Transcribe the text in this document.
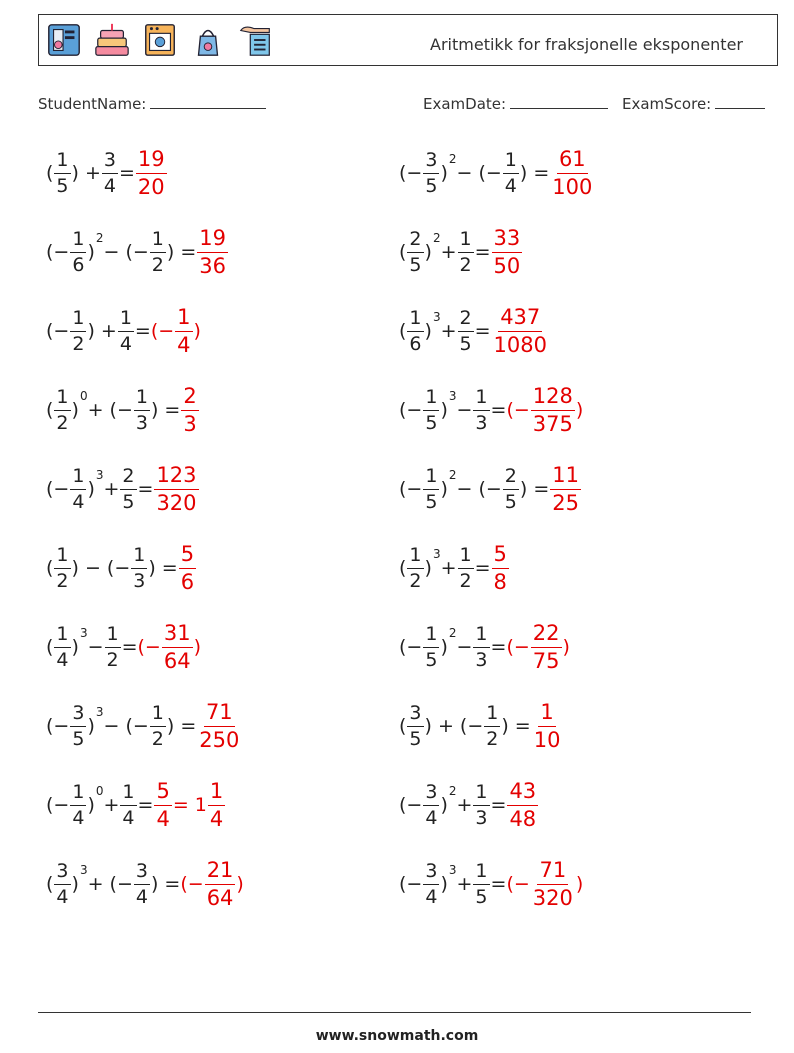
Aritmetikk for fraksjonelle eksponenter
StudentName:	ExamDate:	ExamScore:
( $\frac{1}{5}$ ) + $\frac{3}{4} = \frac{19}{20}$	(− $\frac{3}{5}$ )
2
− (− $\frac{1}{4}$ ) = $\frac{61}{100}$
(− $\frac{1}{6}$ )
2
− (− $\frac{1}{2}$ ) = $\frac{19}{36}$	( $\frac{2}{5}$ )
2
+ $\frac{1}{2} = \frac{33}{50}$
(− $\frac{1}{2}$ ) + $\frac{1}{4}$ = (− $\frac{1}{4}$ )	( $\frac{1}{6}$ )
3
+ $\frac{2}{5} = \frac{437}{1080}$
( $\frac{1}{2}$ )
0
+ (− $\frac{1}{3}$ ) = $\frac{2}{3}$	(− $\frac{1}{5}$ )
3
− $\frac{1}{3}$ = (− $\frac{128}{375}$ )
(− $\frac{1}{4}$ )
3
+ $\frac{2}{5} = \frac{123}{320}$	(− $\frac{1}{5}$ )
2
− (− $\frac{2}{5}$ ) = $\frac{11}{25}$
( $\frac{1}{2}$ ) − (− $\frac{1}{3}$ ) = $\frac{5}{6}$	( $\frac{1}{2}$ )
3
+ $\frac{1}{2} = \frac{5}{8}$
( $\frac{1}{4}$ )
3
− $\frac{1}{2}$ = (− $\frac{31}{64}$ )	(− $\frac{1}{5}$ )
2
− $\frac{1}{3}$ = (− $\frac{22}{75}$ )
(− $\frac{3}{5}$ )
3
− (− $\frac{1}{2}$ ) = $\frac{71}{250}$	( $\frac{3}{5}$ ) + (− $\frac{1}{2}$ ) = $\frac{1}{10}$
(− $\frac{1}{4}$ )
0
+ $\frac{1}{4} = \frac{5}{4} = 1 \frac{1}{4}$	(− $\frac{3}{4}$ )
2
+ $\frac{1}{3} = \frac{43}{48}$
( $\frac{3}{4}$ )
3
+ (− $\frac{3}{4}$ ) = (− $\frac{21}{64}$ )	(− $\frac{3}{4}$ )
3
+ $\frac{1}{5}$ = (− $\frac{71}{320}$ )
www.snowmath.com
